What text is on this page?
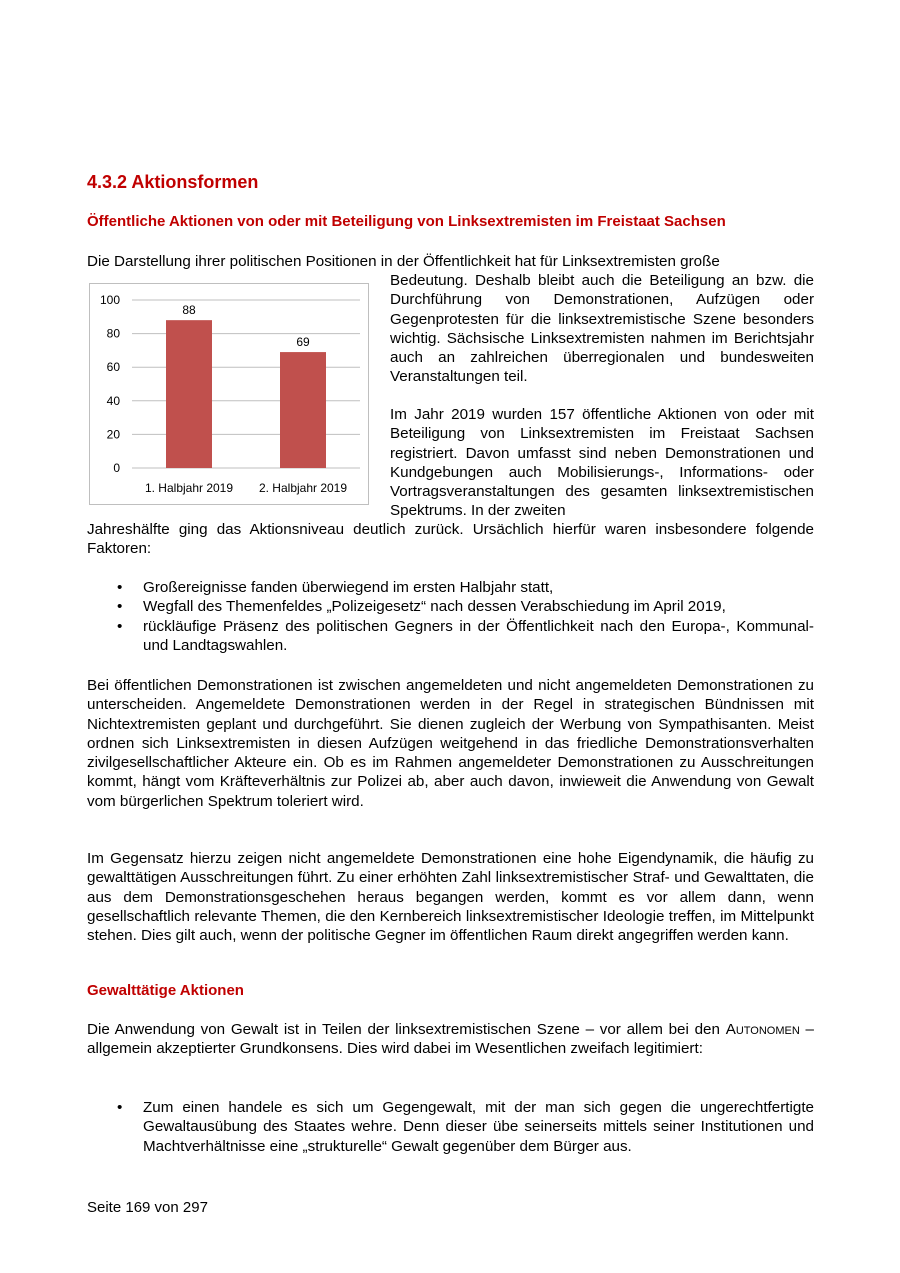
4.3.2 Aktionsformen
Öffentliche Aktionen von oder mit Beteiligung von Linksextremisten im Freistaat Sachsen

Die Darstellung ihrer politischen Positionen in der Öffentlichkeit hat für Linksextremisten große

0
20
40
60
80
100
88
1. Halbjahr 2019
69
2. Halbjahr 2019

Bedeutung. Deshalb bleibt auch die Beteiligung an bzw. die Durchführung von Demonstrationen, Aufzügen oder Gegenprotesten für die linksextremistische Szene besonders wichtig. Sächsische Linksextremisten nahmen im Berichtsjahr auch an zahlreichen überregionalen und bundesweiten Veranstaltungen teil.

Im Jahr 2019 wurden 157 öffentliche Aktionen von oder mit Beteiligung von Linksextremisten im Freistaat Sachsen registriert. Davon umfasst sind neben Demonstrationen und Kundgebungen auch Mobilisierungs-, Informations- oder Vortragsveranstaltungen des gesamten linksextremistischen Spektrums. In der zweiten

Jahreshälfte ging das Aktionsniveau deutlich zurück. Ursächlich hierfür waren insbesondere folgende Faktoren:

• Großereignisse fanden überwiegend im ersten Halbjahr statt,
• Wegfall des Themenfeldes „Polizeigesetz“ nach dessen Verabschiedung im April 2019,
• rückläufige Präsenz des politischen Gegners in der Öffentlichkeit nach den Europa-, Kommunal- und Landtagswahlen.

Bei öffentlichen Demonstrationen ist zwischen angemeldeten und nicht angemeldeten Demonstrationen zu unterscheiden. Angemeldete Demonstrationen werden in der Regel in strategischen Bündnissen mit Nichtextremisten geplant und durchgeführt. Sie dienen zugleich der Werbung von Sympathisanten. Meist ordnen sich Linksextremisten in diesen Aufzügen weitgehend in das friedliche Demonstrationsverhalten zivilgesellschaftlicher Akteure ein. Ob es im Rahmen angemeldeter Demonstrationen zu Ausschreitungen kommt, hängt vom Kräfteverhältnis zur Polizei ab, aber auch davon, inwieweit die Anwendung von Gewalt vom bürgerlichen Spektrum toleriert wird.

Im Gegensatz hierzu zeigen nicht angemeldete Demonstrationen eine hohe Eigendynamik, die häufig zu gewalttätigen Ausschreitungen führt. Zu einer erhöhten Zahl linksextremistischer Straf- und Gewalttaten, die aus dem Demonstrationsgeschehen heraus begangen werden, kommt es vor allem dann, wenn gesellschaftlich relevante Themen, die den Kernbereich linksextremistischer Ideologie treffen, im Mittelpunkt stehen. Dies gilt auch, wenn der politische Gegner im öffentlichen Raum direkt angegriffen werden kann.

Gewalttätige Aktionen

Die Anwendung von Gewalt ist in Teilen der linksextremistischen Szene – vor allem bei den Autonomen – allgemein akzeptierter Grundkonsens. Dies wird dabei im Wesentlichen zweifach legitimiert:

• Zum einen handele es sich um Gegengewalt, mit der man sich gegen die ungerechtfertigte Gewaltausübung des Staates wehre. Denn dieser übe seinerseits mittels seiner Institutionen und Machtverhältnisse eine „strukturelle“ Gewalt gegenüber dem Bürger aus.
Seite 169 von 297
